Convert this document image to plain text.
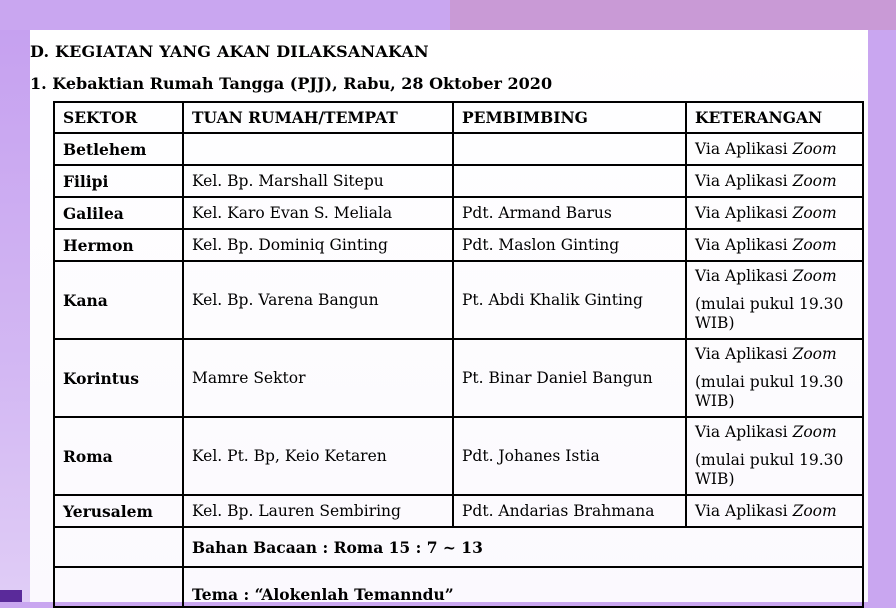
D. KEGIATAN YANG AKAN DILAKSANAKAN
1. Kebaktian Rumah Tangga (PJJ), Rabu, 28 Oktober 2020
SEKTOR	TUAN RUMAH/TEMPAT	PEMBIMBING	KETERANGAN
Betlehem			Via Aplikasi Zoom
Filipi	Kel. Bp. Marshall Sitepu		Via Aplikasi Zoom
Galilea	Kel. Karo Evan S. Meliala	Pdt. Armand Barus	Via Aplikasi Zoom
Hermon	Kel. Bp. Dominiq Ginting	Pdt. Maslon Ginting	Via Aplikasi Zoom
Kana	Kel. Bp. Varena Bangun	Pt. Abdi Khalik Ginting	Via Aplikasi Zoom
(mulai pukul 19.30 WIB)

Korintus	Mamre Sektor	Pt. Binar Daniel Bangun	Via Aplikasi Zoom
(mulai pukul 19.30 WIB)

Roma	Kel. Pt. Bp, Keio Ketaren	Pdt. Johanes Istia	Via Aplikasi Zoom
(mulai pukul 19.30 WIB)

Yerusalem	Kel. Bp. Lauren Sembiring	Pdt. Andarias Brahmana	Via Aplikasi Zoom
	Bahan Bacaan : Roma 15 : 7 ~ 13		
	Tema : “Alokenlah Temanndu”		
